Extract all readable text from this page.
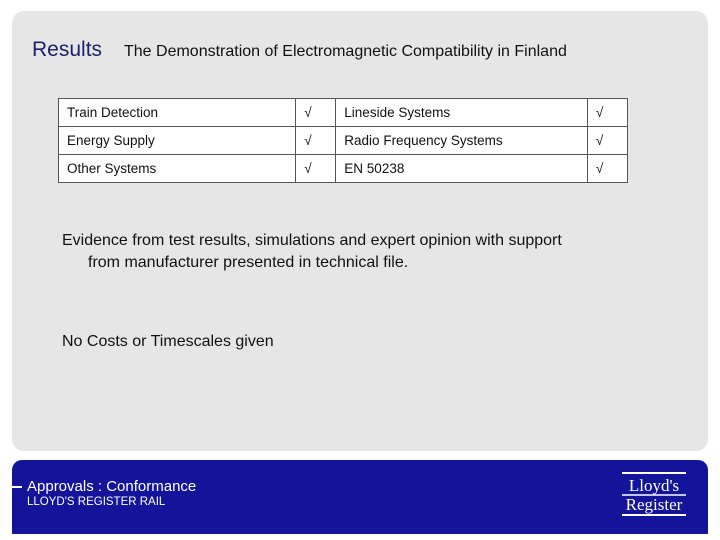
Results The Demonstration of Electromagnetic Compatibility in Finland
Train Detection	√	Lineside Systems	√
Energy Supply	√	Radio Frequency Systems	√
Other Systems	√	EN 50238	√
Evidence from test results, simulations and expert opinion with support
from manufacturer presented in technical file.
No Costs or Timescales given
Approvals : Conformance
LLOYD'S REGISTER RAIL
Lloyd's
Register
